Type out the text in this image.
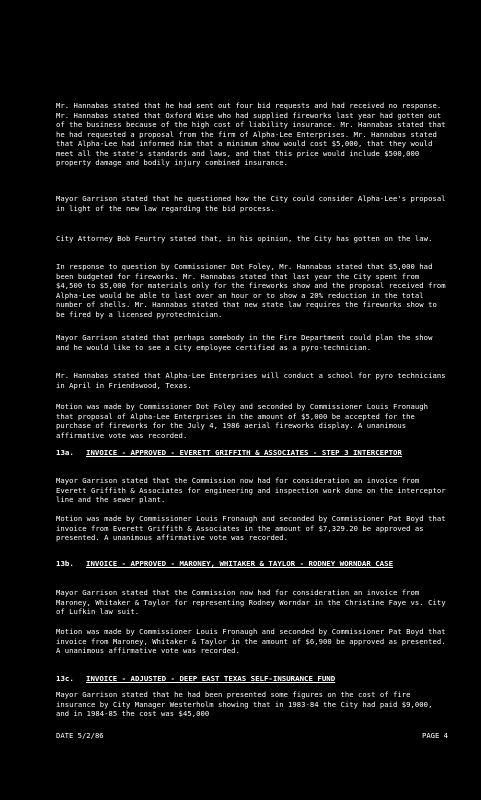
Mr. Hannabas stated that he had sent out four bid requests and had received no response. Mr. Hannabas stated that Oxford Wise who had supplied fireworks last year had gotten out of the business because of the high cost of liability insurance. Mr. Hannabas stated that he had requested a proposal from the firm of Alpha-Lee Enterprises. Mr. Hannabas stated that Alpha-Lee had informed him that a minimum show would cost $5,000, that they would meet all the state's standards and laws, and that this price would include $500,000 property damage and bodily injury combined insurance.
Mayor Garrison stated that he questioned how the City could consider Alpha-Lee's proposal in light of the new law regarding the bid process.
City Attorney Bob Feurtry stated that, in his opinion, the City has gotten on the law.
In response to question by Commissioner Dot Foley, Mr. Hannabas stated that $5,000 had been budgeted for fireworks. Mr. Hannabas stated that last year the City spent from $4,500 to $5,000 for materials only for the fireworks show and the proposal received from Alpha-Lee would be able to last over an hour or to show a 20% reduction in the total number of shells. Mr. Hannabas stated that new state law requires the fireworks show to be fired by a licensed pyrotechnician.
Mayor Garrison stated that perhaps somebody in the Fire Department could plan the show and he would like to see a City employee certified as a pyro-technician.
Mr. Hannabas stated that Alpha-Lee Enterprises will conduct a school for pyro technicians in April in Friendswood, Texas.
Motion was made by Commissioner Dot Foley and seconded by Commissioner Louis Fronaugh that proposal of Alpha-Lee Enterprises in the amount of $5,000 be accepted for the purchase of fireworks for the July 4, 1986 aerial fireworks display. A unanimous affirmative vote was recorded.
13a. INVOICE - APPROVED - EVERETT GRIFFITH & ASSOCIATES - STEP 3 INTERCEPTOR
Mayor Garrison stated that the Commission now had for consideration an invoice from Everett Griffith & Associates for engineering and inspection work done on the interceptor line and the sewer plant.
Motion was made by Commissioner Louis Fronaugh and seconded by Commissioner Pat Boyd that invoice from Everett Griffith & Associates in the amount of $7,329.20 be approved as presented. A unanimous affirmative vote was recorded.
13b. INVOICE - APPROVED - MARONEY, WHITAKER & TAYLOR - RODNEY WORNDAR CASE
Mayor Garrison stated that the Commission now had for consideration an invoice from Maroney, Whitaker & Taylor for representing Rodney Worndar in the Christine Faye vs. City of Lufkin law suit.
Motion was made by Commissioner Louis Fronaugh and seconded by Commissioner Pat Boyd that invoice from Maroney, Whitaker & Taylor in the amount of $6,900 be approved as presented. A unanimous affirmative vote was recorded.
13c. INVOICE - ADJUSTED - DEEP EAST TEXAS SELF-INSURANCE FUND
Mayor Garrison stated that he had been presented some figures on the cost of fire insurance by City Manager Westerholm showing that in 1983-84 the City had paid $9,000, and in 1984-85 the cost was $45,000
DATE 5/2/86	PAGE 4
